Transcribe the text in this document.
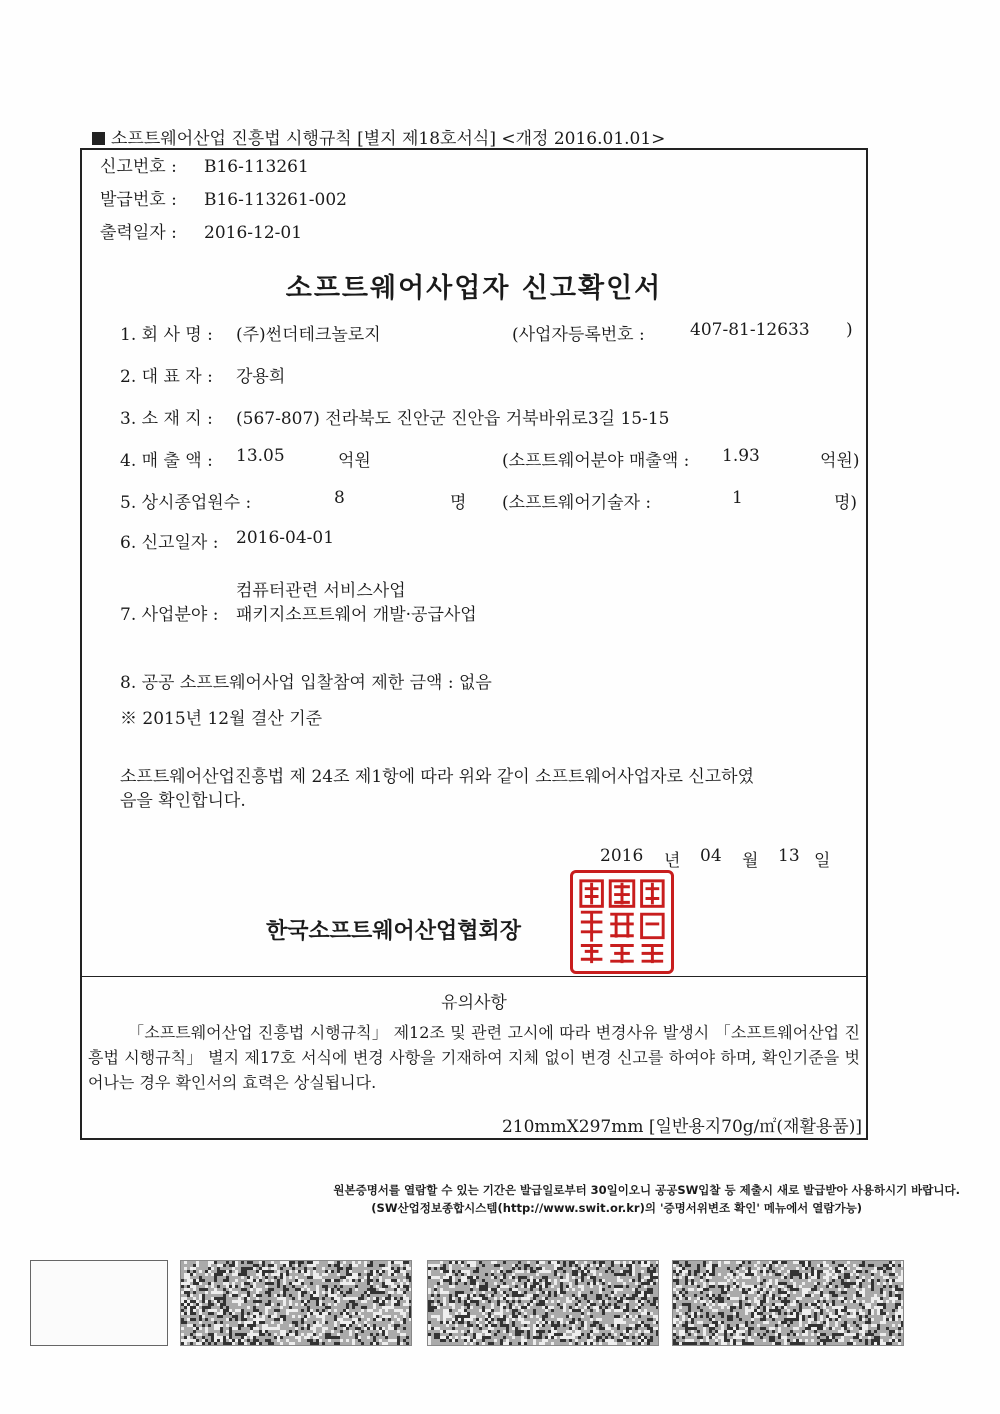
소프트웨어산업 진흥법 시행규칙 [별지 제18호서식] <개정 2016.01.01>
신고번호 : B16-113261
발급번호 : B16-113261-002
출력일자 : 2016-12-01
소프트웨어사업자 신고확인서
1. 회 사 명 : (주)썬더테크놀로지	(사업자등록번호 :	407-81-12633 )
2. 대 표 자 : 강용희
3. 소 재 지 : (567-807) 전라북도 진안군 진안읍 거북바위로3길 15-15
4. 매 출 액 : 13.05	억원	(소프트웨어분야 매출액 : 1.93	억원)
5. 상시종업원수 :	8	명 (소프트웨어기술자 :	1	명)
6. 신고일자 : 2016-04-01
컴퓨터관련 서비스사업
7. 사업분야 : 패키지소프트웨어 개발·공급사업
8. 공공 소프트웨어사업 입찰참여 제한 금액 : 없음
※ 2015년 12월 결산 기준
소프트웨어산업진흥법 제 24조 제1항에 따라 위와 같이 소프트웨어사업자로 신고하였
음을 확인합니다.
2016 년 04 월 13 일
한국소프트웨어산업협회장
유의사항
「소프트웨어산업 진흥법 시행규칙」 제12조 및 관련 고시에 따라 변경사유 발생시 「소프트웨어산업 진흥법 시행규칙」 별지 제17호 서식에 변경 사항을 기재하여 지체 없이 변경 신고를 하여야 하며, 확인기준을 벗어나는 경우 확인서의 효력은 상실됩니다.
210mmX297mm [일반용지70g/㎡(재활용품)]
원본증명서를 열람할 수 있는 기간은 발급일로부터 30일이오니 공공SW입찰 등 제출시 새로 발급받아 사용하시기 바랍니다.
(SW산업정보종합시스템(http://www.swit.or.kr)의 '증명서위변조 확인' 메뉴에서 열람가능)
